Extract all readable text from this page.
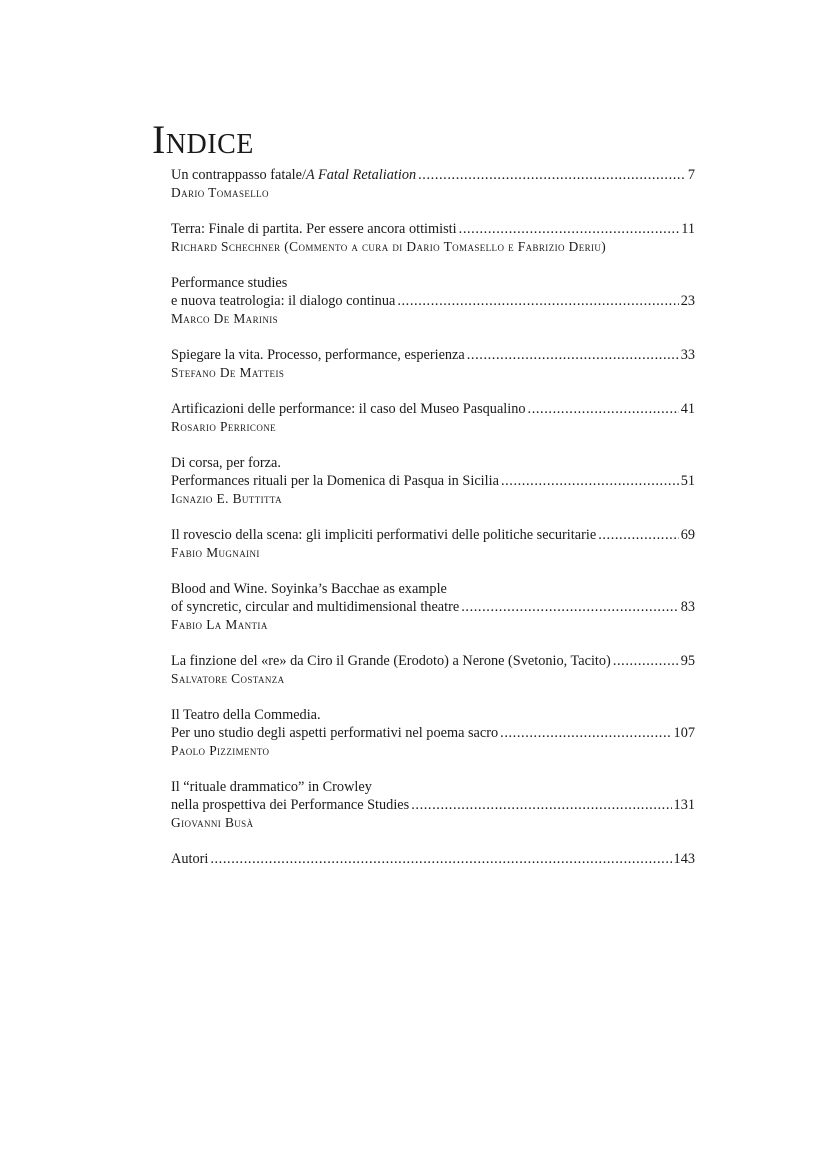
Indice
Un contrappasso fatale/A Fatal Retaliation .....	7
Dario Tomasello
Terra: Finale di partita. Per essere ancora ottimisti .....	11
Richard Schechner (Commento a cura di Dario Tomasello e Fabrizio Deriu)
Performance studies
e nuova teatrologia: il dialogo continua .....	23
Marco De Marinis
Spiegare la vita. Processo, performance, esperienza .....	33
Stefano De Matteis
Artificazioni delle performance: il caso del Museo Pasqualino .....	41
Rosario Perricone
Di corsa, per forza.
Performances rituali per la Domenica di Pasqua in Sicilia .....	51
Ignazio E. Buttitta
Il rovescio della scena: gli impliciti performativi delle politiche securitarie .....	69
Fabio Mugnaini
Blood and Wine. Soyinka’s Bacchae as example
of syncretic, circular and multidimensional theatre .....	83
Fabio La Mantia
La finzione del «re» da Ciro il Grande (Erodoto) a Nerone (Svetonio, Tacito) .....	95
Salvatore Costanza
Il Teatro della Commedia.
Per uno studio degli aspetti performativi nel poema sacro .....	107
Paolo Pizzimento
Il “rituale drammatico” in Crowley
nella prospettiva dei Performance Studies .....	131
Giovanni Busà
Autori .....	143
